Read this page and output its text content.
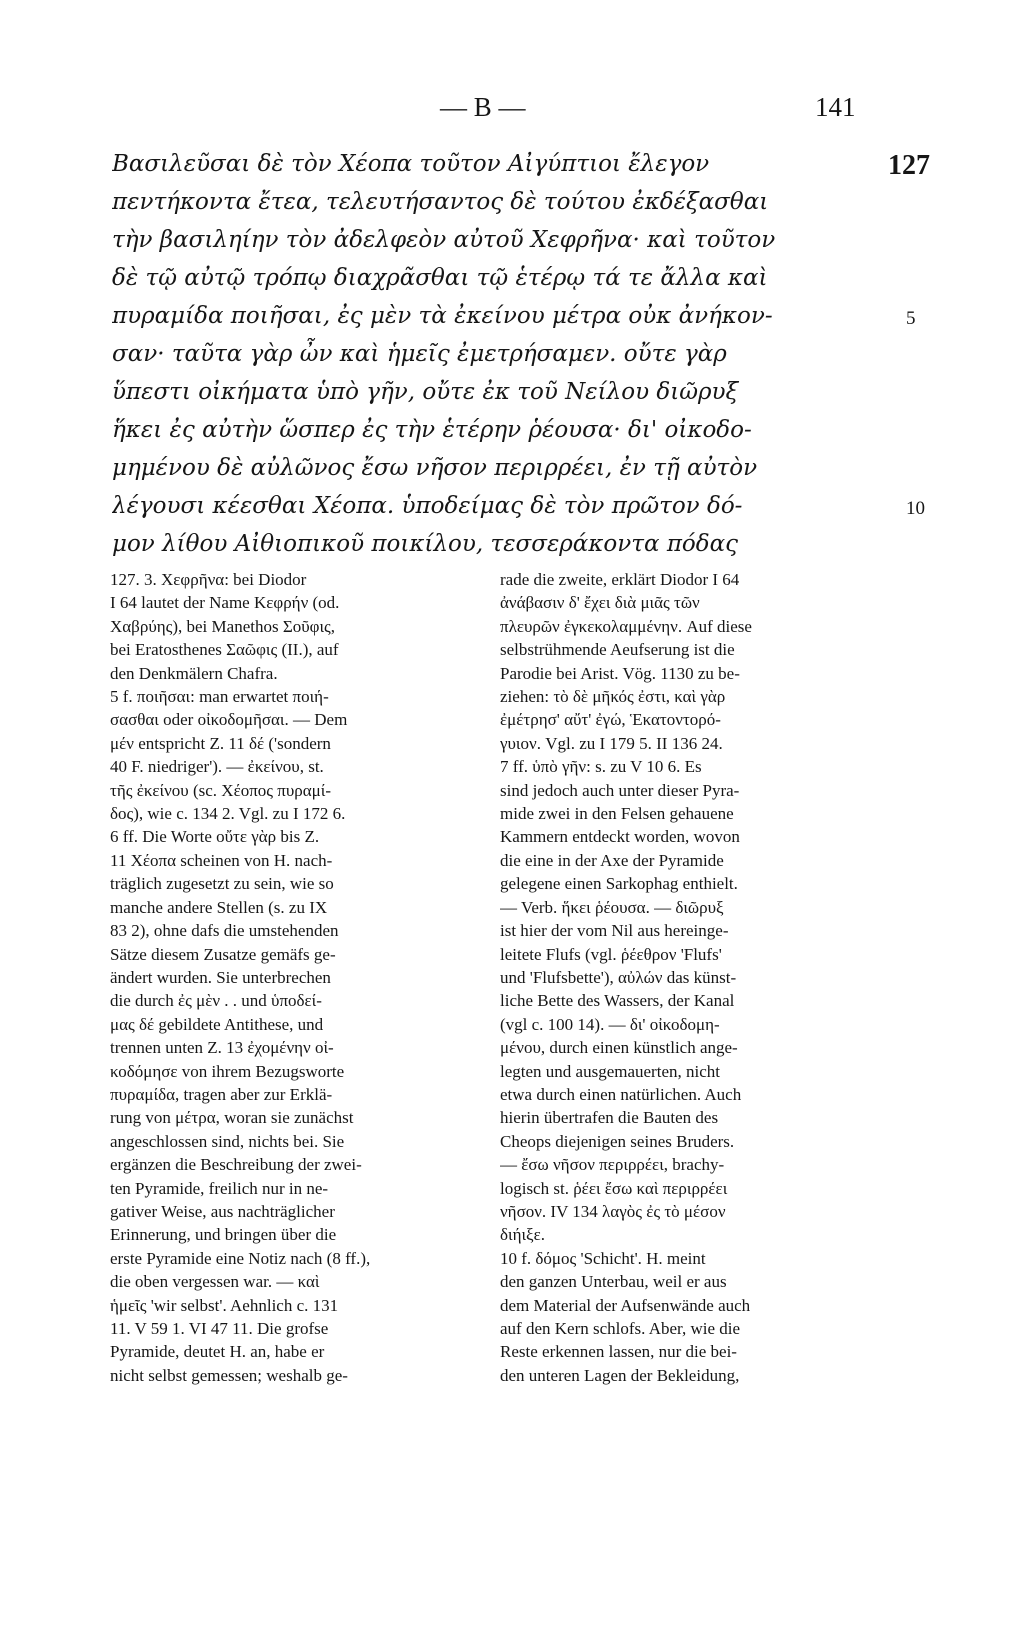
— B —	141
127
Βασιλεῦσαι δὲ τὸν Χέοπα τοῦτον Αἰγύπτιοι ἔλεγον
πεντήκοντα ἔτεα, τελευτήσαντος δὲ τούτου ἐκδέξασθαι
τὴν βασιληίην τὸν ἀδελφεὸν αὐτοῦ Χεφρῆνα· καὶ τοῦτον
δὲ τῷ αὐτῷ τρόπῳ διαχρᾶσθαι τῷ ἑτέρῳ τά τε ἄλλα καὶ
πυραμίδα ποιῆσαι, ἐς μὲν τὰ ἐκείνου μέτρα οὐκ ἀνήκον-
σαν· ταῦτα γὰρ ὦν καὶ ἡμεῖς ἐμετρήσαμεν. οὔτε γὰρ
ὕπεστι οἰκήματα ὑπὸ γῆν, οὔτε ἐκ τοῦ Νείλου διῶρυξ
ἥκει ἐς αὐτὴν ὥσπερ ἐς τὴν ἑτέρην ῥέουσα· δι' οἰκοδο-
μημένου δὲ αὐλῶνος ἔσω νῆσον περιρρέει, ἐν τῇ αὐτὸν
λέγουσι κέεσθαι Χέοπα. ὑποδείμας δὲ τὸν πρῶτον δό-
μον λίθου Αἰθιοπικοῦ ποικίλου, τεσσεράκοντα πόδας
5
10
127. 3. Χεφρῆνα: bei Diodor
I 64 lautet der Name Κεφρήν (od.
Χαβρύης), bei Manethos Σοῦφις,
bei Eratosthenes Σαῶφις (II.), auf
den Denkmälern Chafra.
5 f. ποιῆσαι: man erwartet ποιή-
σασθαι oder οἰκοδομῆσαι. — Dem
μέν entspricht Z. 11 δέ ('sondern
40 F. niedriger'). — ἐκείνου, st.
τῆς ἐκείνου (sc. Χέοπος πυραμί-
δος), wie c. 134 2. Vgl. zu I 172 6.
6 ff. Die Worte οὔτε γὰρ bis Z.
11 Χέοπα scheinen von H. nach-
träglich zugesetzt zu sein, wie so
manche andere Stellen (s. zu IX
83 2), ohne dafs die umstehenden
Sätze diesem Zusatze gemäfs ge-
ändert wurden. Sie unterbrechen
die durch ἐς μὲν . . und ὑποδεί-
μας δέ gebildete Antithese, und
trennen unten Z. 13 ἐχομένην οἰ-
κοδόμησε von ihrem Bezugsworte
πυραμίδα, tragen aber zur Erklä-
rung von μέτρα, woran sie zunächst
angeschlossen sind, nichts bei. Sie
ergänzen die Beschreibung der zwei-
ten Pyramide, freilich nur in ne-
gativer Weise, aus nachträglicher
Erinnerung, und bringen über die
erste Pyramide eine Notiz nach (8 ff.),
die oben vergessen war. — καὶ
ἡμεῖς 'wir selbst'. Aehnlich c. 131
11. V 59 1. VI 47 11. Die grofse
Pyramide, deutet H. an, habe er
nicht selbst gemessen; weshalb ge-
rade die zweite, erklärt Diodor I 64
ἀνάβασιν δ' ἔχει διὰ μιᾶς τῶν
πλευρῶν ἐγκεκολαμμένην. Auf diese
selbstrühmende Aeufserung ist die
Parodie bei Arist. Vög. 1130 zu be-
ziehen: τὸ δὲ μῆκός ἐστι, καὶ γὰρ
ἐμέτρησ' αὔτ' ἐγώ, Ἑκατοντορό-
γυιον. Vgl. zu I 179 5. II 136 24.
7 ff. ὑπὸ γῆν: s. zu V 10 6. Es
sind jedoch auch unter dieser Pyra-
mide zwei in den Felsen gehauene
Kammern entdeckt worden, wovon
die eine in der Axe der Pyramide
gelegene einen Sarkophag enthielt.
— Verb. ἥκει ῥέουσα. — διῶρυξ
ist hier der vom Nil aus hereinge-
leitete Flufs (vgl. ῥέεθρον 'Flufs'
und 'Flufsbette'), αὐλών das künst-
liche Bette des Wassers, der Kanal
(vgl c. 100 14). — δι' οἰκοδομη-
μένου, durch einen künstlich ange-
legten und ausgemauerten, nicht
etwa durch einen natürlichen. Auch
hierin übertrafen die Bauten des
Cheops diejenigen seines Bruders.
— ἔσω νῆσον περιρρέει, brachy-
logisch st. ῥέει ἔσω καὶ περιρρέει
νῆσον. IV 134 λαγὸς ἐς τὸ μέσον
διήιξε.
10 f. δόμος 'Schicht'. H. meint
den ganzen Unterbau, weil er aus
dem Material der Aufsenwände auch
auf den Kern schlofs. Aber, wie die
Reste erkennen lassen, nur die bei-
den unteren Lagen der Bekleidung,
